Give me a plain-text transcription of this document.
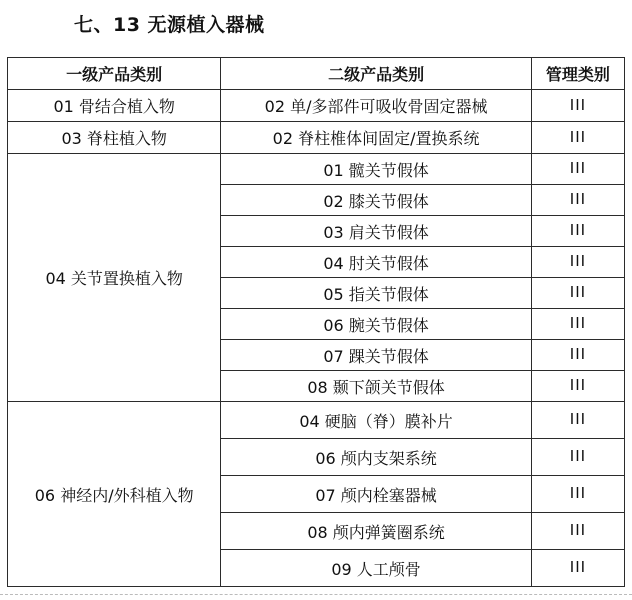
七、13 无源植入器械
一级产品类别	二级产品类别	管理类别
01 骨结合植入物	02 单/多部件可吸收骨固定器械	III
03 脊柱植入物	02 脊柱椎体间固定/置换系统	III
04 关节置换植入物	01 髋关节假体	III
	02 膝关节假体	III
	03 肩关节假体	III
	04 肘关节假体	III
	05 指关节假体	III
	06 腕关节假体	III
	07 踝关节假体	III
	08 颞下颌关节假体	III
06 神经内/外科植入物	04 硬脑（脊）膜补片	III
	06 颅内支架系统	III
	07 颅内栓塞器械	III
	08 颅内弹簧圈系统	III
	09 人工颅骨	III
